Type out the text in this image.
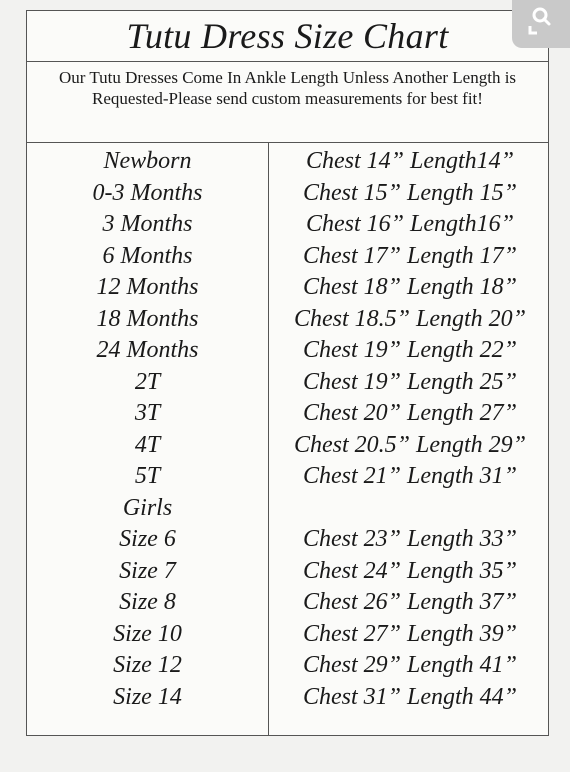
Tutu Dress Size Chart
Our Tutu Dresses Come In Ankle Length Unless Another Length is Requested-Please send custom measurements for best fit!
Newborn	Chest 14” Length14”
0-3 Months	Chest 15” Length 15”
3 Months	Chest 16” Length16”
6 Months	Chest 17” Length 17”
12 Months	Chest 18” Length 18”
18 Months	Chest 18.5” Length 20”
24 Months	Chest 19” Length 22”
2T	Chest 19” Length 25”
3T	Chest 20” Length 27”
4T	Chest 20.5” Length 29”
5T	Chest 21” Length 31”
Girls
Size 6	Chest 23” Length 33”
Size 7	Chest 24” Length 35”
Size 8	Chest 26” Length 37”
Size 10	Chest 27” Length 39”
Size 12	Chest 29” Length 41”
Size 14	Chest 31” Length 44”
